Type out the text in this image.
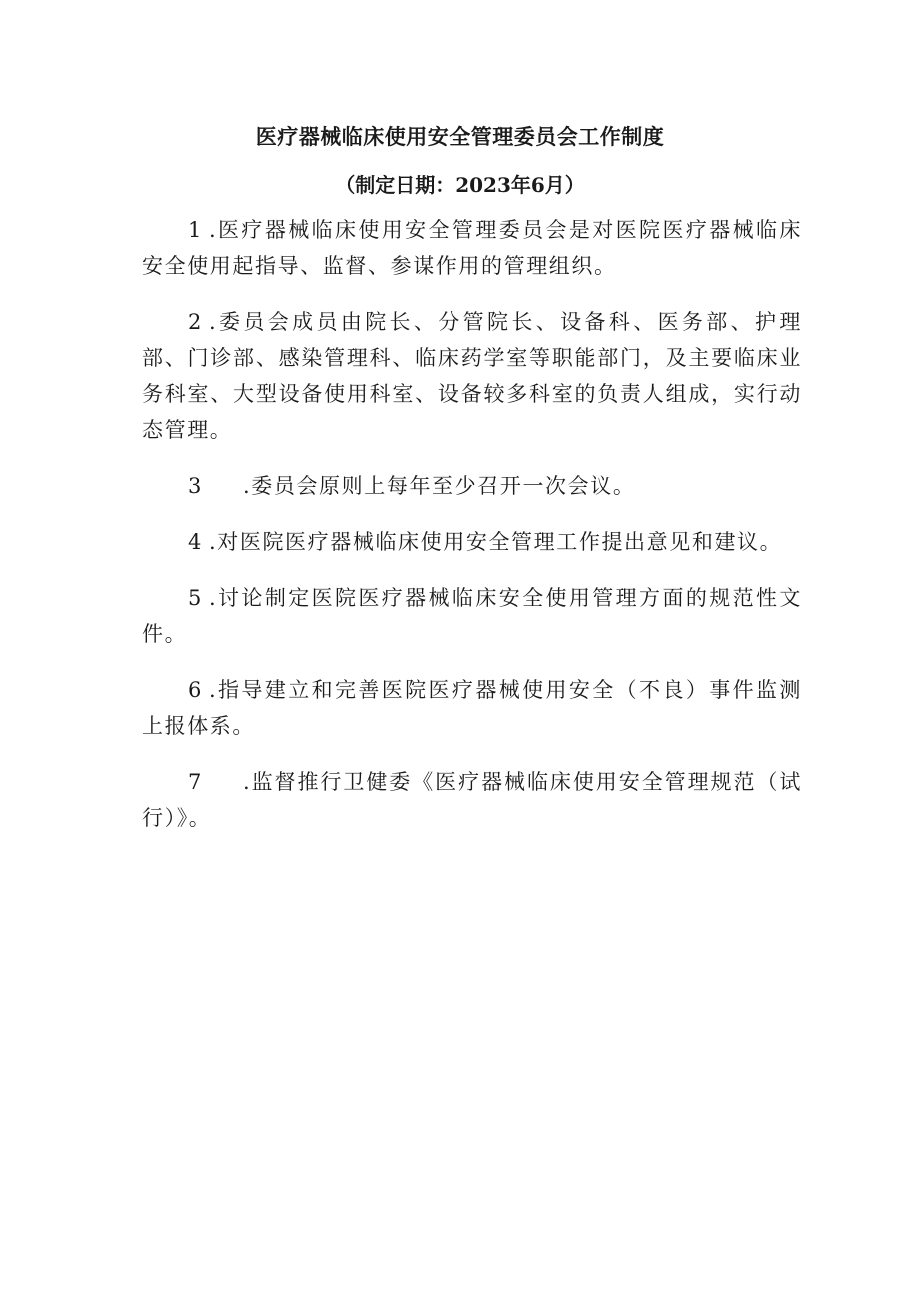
医疗器械临床使用安全管理委员会工作制度
（制定日期：2023年6月）

1 .医疗器械临床使用安全管理委员会是对医院医疗器械临床安全使用起指导、监督、参谋作用的管理组织。

2 .委员会成员由院长、分管院长、设备科、医务部、护理部、门诊部、感染管理科、临床药学室等职能部门，及主要临床业务科室、大型设备使用科室、设备较多科室的负责人组成，实行动态管理。

3 .委员会原则上每年至少召开一次会议。

4 .对医院医疗器械临床使用安全管理工作提出意见和建议。

5 .讨论制定医院医疗器械临床安全使用管理方面的规范性文件。

6 .指导建立和完善医院医疗器械使用安全（不良）事件监测上报体系。

7 .监督推行卫健委《医疗器械临床使用安全管理规范（试行）》。
